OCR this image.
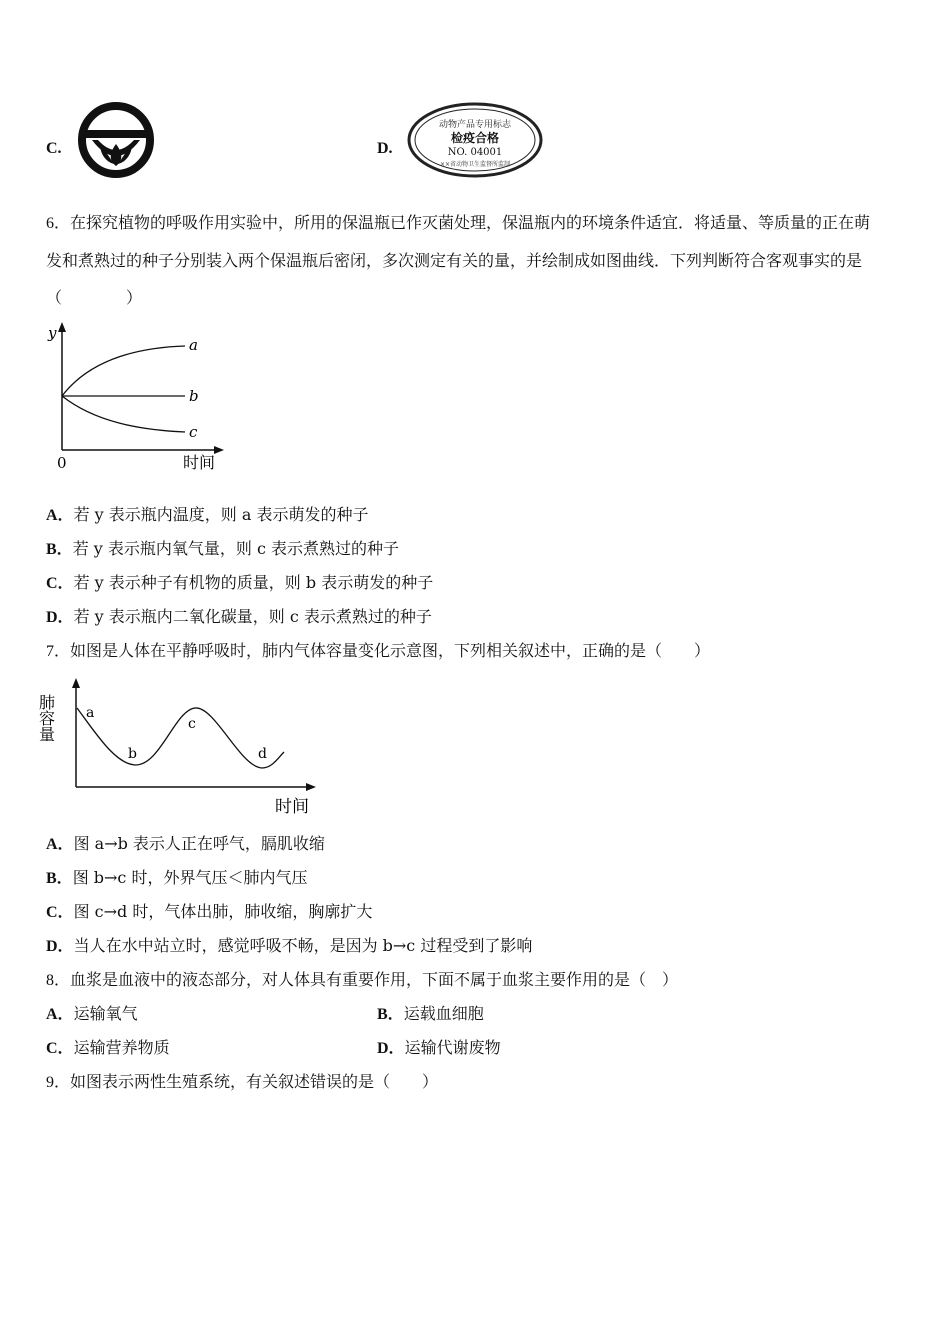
C.	D.
动物产品专用标志
检疫合格
NO. 04001
××省动物卫生监督所监制
6．在探究植物的呼吸作用实验中，所用的保温瓶已作灭菌处理，保温瓶内的环境条件适宜．将适量、等质量的正在萌
发和煮熟过的种子分别装入两个保温瓶后密闭，多次测定有关的量，并绘制成如图曲线．下列判断符合客观事实的是
（　　　　）
y
0	时间
a
b
c
A．若 y 表示瓶内温度，则 a 表示萌发的种子
B．若 y 表示瓶内氧气量，则 c 表示煮熟过的种子
C．若 y 表示种子有机物的质量，则 b 表示萌发的种子
D．若 y 表示瓶内二氧化碳量，则 c 表示煮熟过的种子
7．如图是人体在平静呼吸时，肺内气体容量变化示意图，下列相关叙述中，正确的是（　　）
肺容量
时间
a
b
c
d
A．图 a→b 表示人正在呼气，膈肌收缩
B．图 b→c 时，外界气压＜肺内气压
C．图 c→d 时，气体出肺，肺收缩，胸廓扩大
D．当人在水中站立时，感觉呼吸不畅，是因为 b→c 过程受到了影响
8．血浆是血液中的液态部分，对人体具有重要作用，下面不属于血浆主要作用的是（　）
A．运输氧气	B．运载血细胞
C．运输营养物质	D．运输代谢废物
9．如图表示两性生殖系统，有关叙述错误的是（　　）
